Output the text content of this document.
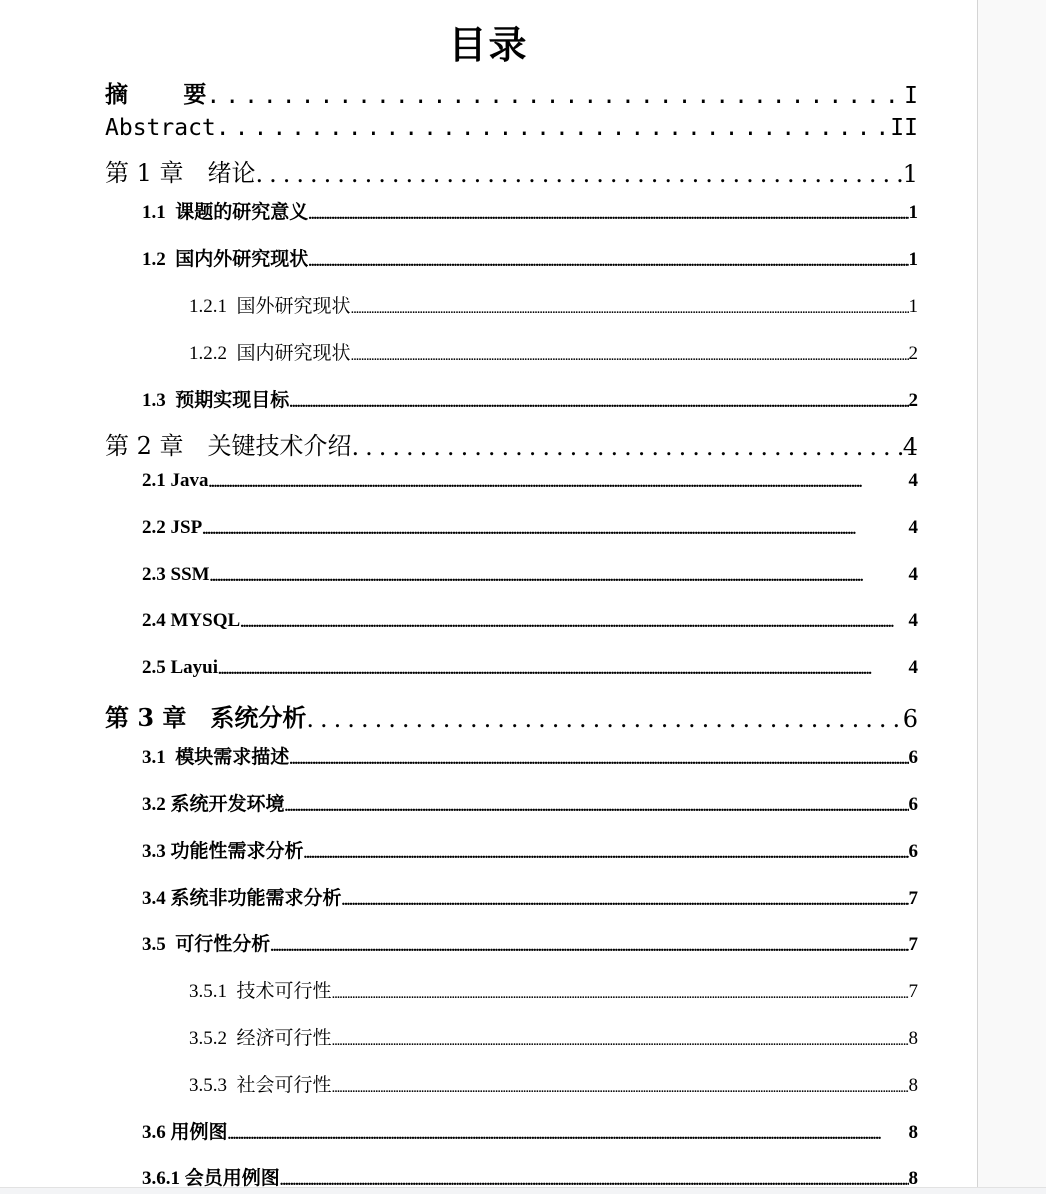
目录
摘    要 .....	I
Abstract .....	II
第 1 章 绪论 .....	1
1.1  课题的研究意义 .....	1
1.2  国内外研究现状 .....	1
1.2.1  国外研究现状 .....	1
1.2.2  国内研究现状 .....	2
1.3  预期实现目标 .....	2
第 2 章 关键技术介绍 .....	4
2.1 Java .....	4
2.2 JSP .....	4
2.3 SSM .....	4
2.4 MYSQL .....	4
2.5 Layui .....	4
第 3 章 系统分析 .....	6
3.1  模块需求描述 .....	6
3.2 系统开发环境 .....	6
3.3 功能性需求分析 .....	6
3.4 系统非功能需求分析 .....	7
3.5  可行性分析 .....	7
3.5.1  技术可行性 .....	7
3.5.2  经济可行性 .....	8
3.5.3  社会可行性 .....	8
3.6 用例图 .....	8
3.6.1 会员用例图 .....	8
